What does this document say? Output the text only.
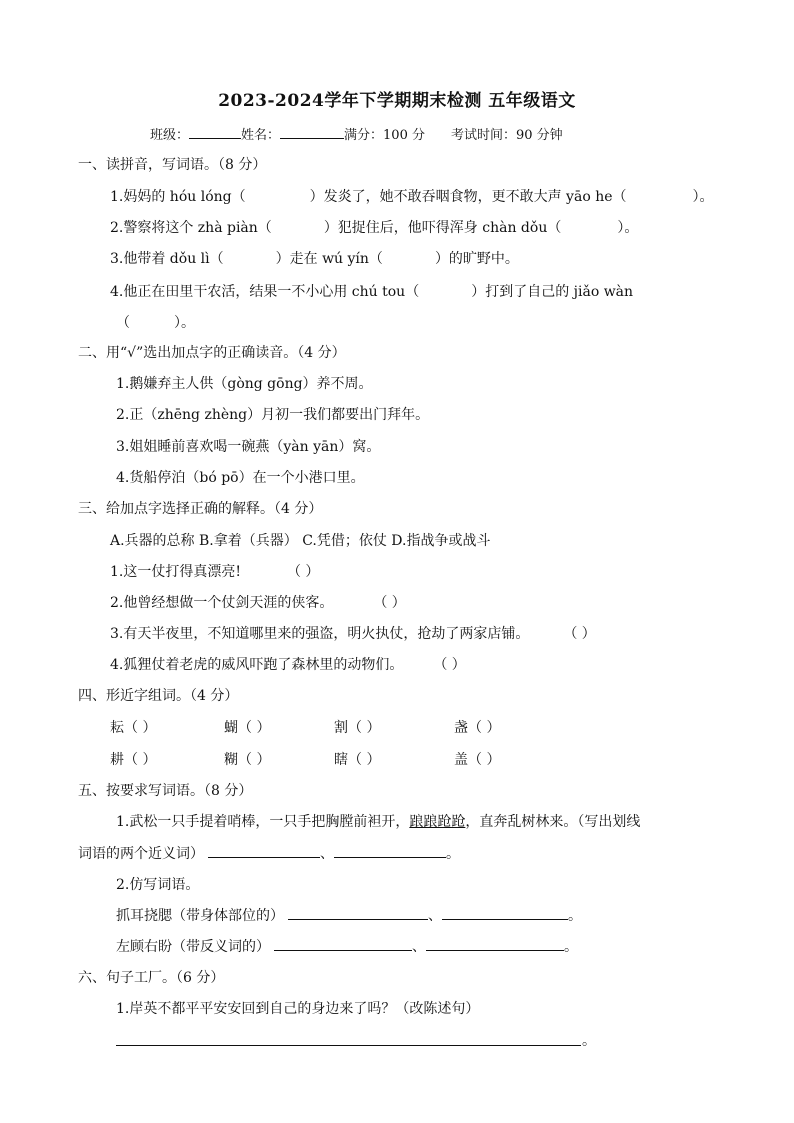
2023-2024学年下学期期末检测 五年级语文
班级：	姓名：	满分：100 分 考试时间：90 分钟
一、读拼音，写词语。（8 分）
1.妈妈的 hóu lóng（	）发炎了，她不敢吞咽食物，更不敢大声 yāo he（	）。
2.警察将这个 zhà piàn（	）犯捉住后，他吓得浑身 chàn dǒu（	）。
3.他带着 dǒu lì（	）走在 wú yín（	）的旷野中。
4.他正在田里干农活，结果一不小心用 chú tou（	）打到了自己的 jiǎo wàn
（	）。
二、用“√”选出加点字的正确读音。（4 分）
1.鹅嫌弃主人供（gòng gōng）养不周。
2.正（zhēng zhèng）月初一我们都要出门拜年。
3.姐姐睡前喜欢喝一碗燕（yàn yān）窝。
4.货船停泊（bó pō）在一个小港口里。
三、给加点字选择正确的解释。（4 分）
A.兵器的总称 B.拿着（兵器） C.凭借；依仗 D.指战争或战斗
1.这一仗打得真漂亮!	（ ）
2.他曾经想做一个仗剑天涯的侠客。	（ ）
3.有天半夜里，不知道哪里来的强盗，明火执仗，抢劫了两家店铺。 （ ）
4.狐狸仗着老虎的威风吓跑了森林里的动物们。 （ ）
四、形近字组词。（4 分）
耘（ ）	蝴（ ）	割（ ）	盏（ ）
耕（ ）	糊（ ）	瞎（ ）	盖（ ）
五、按要求写词语。（8 分）
1.武松一只手提着哨棒，一只手把胸膛前袒开，踉踉跄跄，直奔乱树林来。（写出划线
词语的两个近义词）	、	。
2.仿写词语。
抓耳挠腮（带身体部位的）	、	。
左顾右盼（带反义词的）	、	。
六、句子工厂。（6 分）
1.岸英不都平平安安回到自己的身边来了吗？（改陈述句）
。
